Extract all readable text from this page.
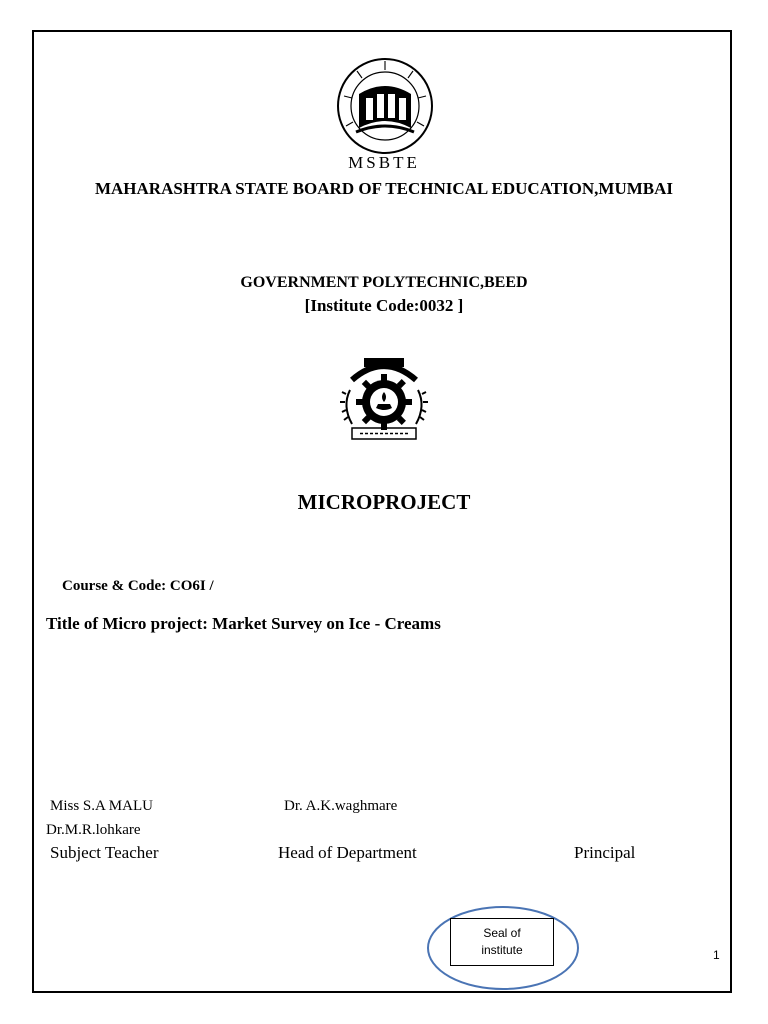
MSBTE
MAHARASHTRA STATE BOARD OF TECHNICAL EDUCATION,MUMBAI
GOVERNMENT POLYTECHNIC,BEED
[Institute Code:0032 ]
MICROPROJECT
Course & Code: CO6I /
Title of Micro project: Market Survey on Ice - Creams
Miss S.A MALU	Dr. A.K.waghmare
Dr.M.R.lohkare
Subject Teacher	Head of Department	Principal
Seal of
institute	1
